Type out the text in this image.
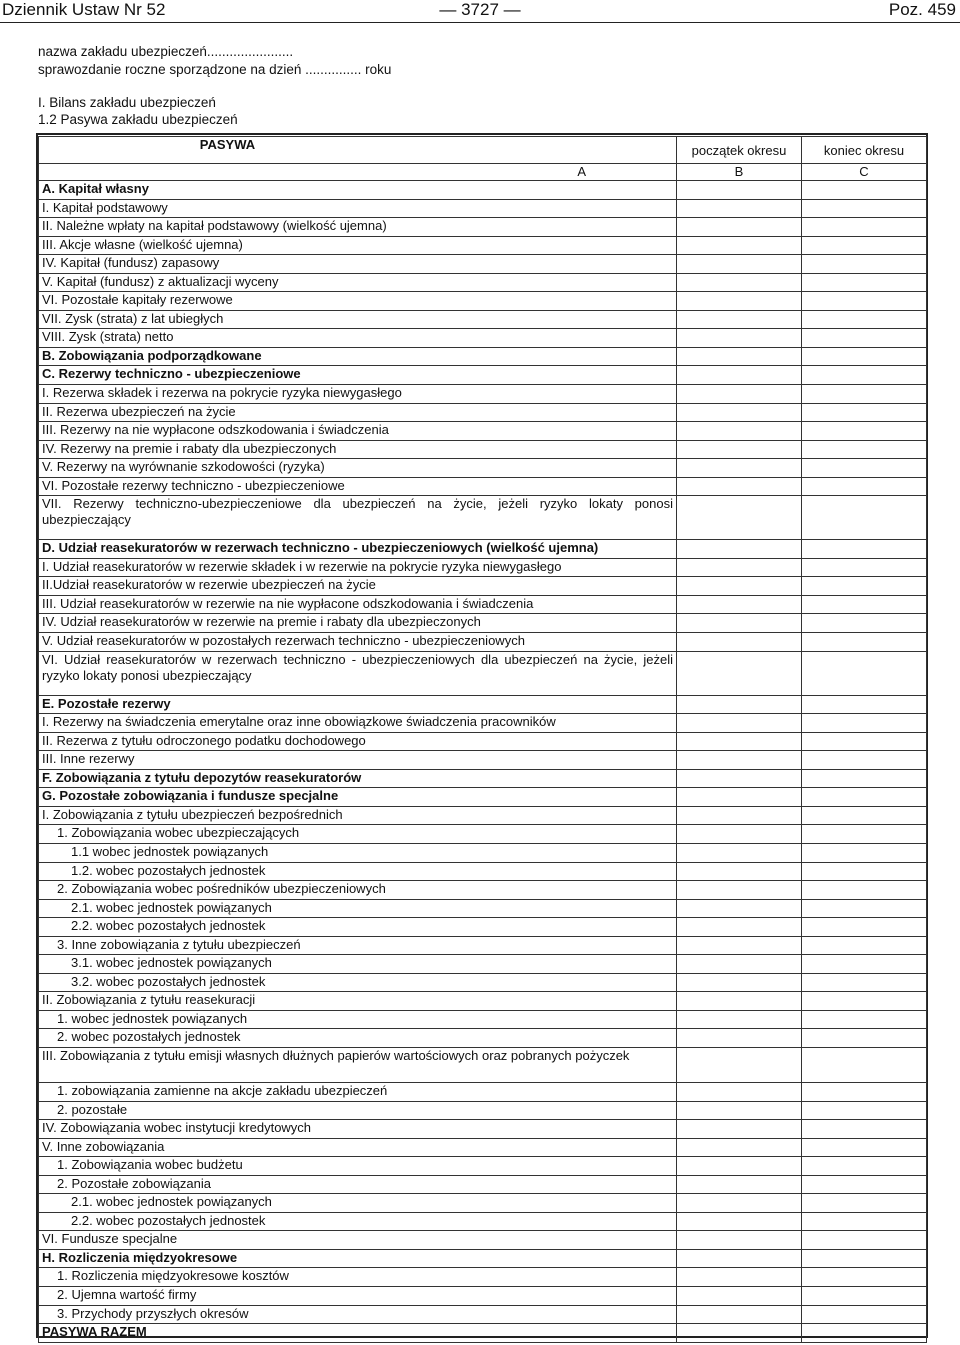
Dziennik Ustaw Nr 52	— 3727 —	Poz. 459
nazwa zakładu ubezpieczeń.......................
sprawozdanie roczne sporządzone na dzień ............... roku
I. Bilans zakładu ubezpieczeń
1.2 Pasywa zakładu ubezpieczeń
PASYWA	początek okresu	koniec okresu
A	B	C
A. Kapitał własny		
I. Kapitał podstawowy		
II. Należne wpłaty na kapitał podstawowy (wielkość ujemna)		
III. Akcje własne (wielkość ujemna)		
IV. Kapitał (fundusz) zapasowy		
V. Kapitał (fundusz) z aktualizacji wyceny		
VI. Pozostałe kapitały rezerwowe		
VII. Zysk (strata) z lat ubiegłych		
VIII. Zysk (strata) netto		
B. Zobowiązania podporządkowane		
C. Rezerwy techniczno - ubezpieczeniowe		
I. Rezerwa składek i rezerwa na pokrycie ryzyka niewygasłego		
II. Rezerwa ubezpieczeń na życie		
III. Rezerwy na nie wypłacone odszkodowania i świadczenia		
IV. Rezerwy na premie i rabaty dla ubezpieczonych		
V. Rezerwy na wyrównanie szkodowości (ryzyka)		
VI. Pozostałe rezerwy techniczno - ubezpieczeniowe		
VII. Rezerwy techniczno-ubezpieczeniowe dla ubezpieczeń na życie, jeżeli ryzyko lokaty ponosi ubezpieczający		
D. Udział reasekuratorów w rezerwach techniczno - ubezpieczeniowych (wielkość ujemna)		
I. Udział reasekuratorów w rezerwie składek i w rezerwie na pokrycie ryzyka niewygasłego		
II.Udział reasekuratorów w rezerwie ubezpieczeń na życie		
III. Udział reasekuratorów w rezerwie na nie wypłacone odszkodowania i świadczenia		
IV. Udział reasekuratorów w rezerwie na premie i rabaty dla ubezpieczonych		
V. Udział reasekuratorów w pozostałych rezerwach techniczno - ubezpieczeniowych		
VI. Udział reasekuratorów w rezerwach techniczno - ubezpieczeniowych dla ubezpieczeń na życie, jeżeli ryzyko lokaty ponosi ubezpieczający		
E. Pozostałe rezerwy		
I. Rezerwy na świadczenia emerytalne oraz inne obowiązkowe świadczenia pracowników		
II. Rezerwa z tytułu odroczonego podatku dochodowego		
III. Inne rezerwy		
F. Zobowiązania z tytułu depozytów reasekuratorów		
G. Pozostałe zobowiązania i fundusze specjalne		
I. Zobowiązania z tytułu ubezpieczeń bezpośrednich		
1. Zobowiązania wobec ubezpieczających		
1.1 wobec jednostek powiązanych		
1.2. wobec pozostałych jednostek		
2. Zobowiązania wobec pośredników ubezpieczeniowych		
2.1. wobec jednostek powiązanych		
2.2. wobec pozostałych jednostek		
3. Inne zobowiązania z tytułu ubezpieczeń		
3.1. wobec jednostek powiązanych		
3.2. wobec pozostałych jednostek		
II. Zobowiązania z tytułu reasekuracji		
1. wobec jednostek powiązanych		
2. wobec pozostałych jednostek		
III. Zobowiązania z tytułu emisji własnych dłużnych papierów wartościowych oraz pobranych pożyczek		
1. zobowiązania zamienne na akcje zakładu ubezpieczeń		
2. pozostałe		
IV. Zobowiązania wobec instytucji kredytowych		
V. Inne zobowiązania		
1. Zobowiązania wobec budżetu		
2. Pozostałe zobowiązania		
2.1. wobec jednostek powiązanych		
2.2. wobec pozostałych jednostek		
VI. Fundusze specjalne		
H. Rozliczenia międzyokresowe		
1. Rozliczenia międzyokresowe kosztów		
2. Ujemna wartość firmy		
3. Przychody przyszłych okresów		
PASYWA RAZEM		
